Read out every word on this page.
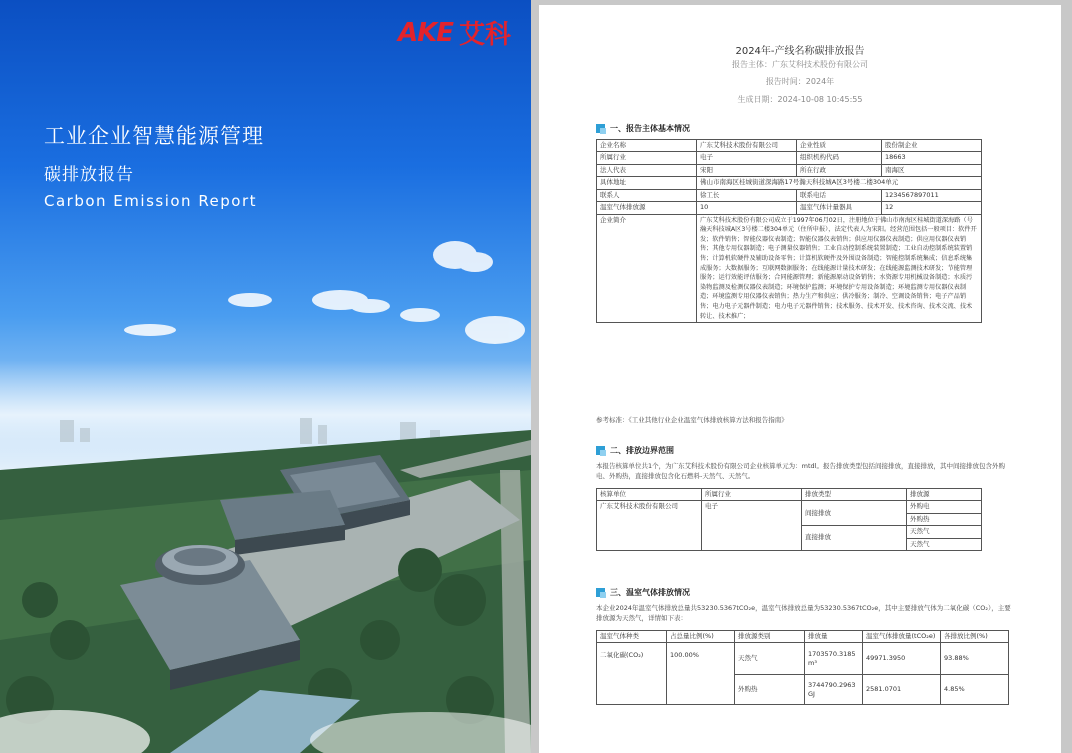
AKE 艾科
工业企业智慧能源管理
碳排放报告
Carbon Emission Report
2024年-产线名称碳排放报告
报告主体：广东艾科技术股份有限公司
报告时间：2024年
生成日期：2024-10-08 10:45:55
一、报告主体基本情况
企业名称	广东艾科技术股份有限公司	企业性质	股份制企业
所属行业	电子	组织机构代码	18663
法人代表	宋阳	所在行政	南海区
具体地址	佛山市南海区桂城街道深海路17号瀚天科技城A区3号楼二楼304单元		
联系人	徐工长	联系电话	1234567897011
温室气体排放源	10	温室气体计量器具	12
企业简介	广东艾科技术股份有限公司成立于1997年06月02日，注册地位于佛山市南海区桂城街道深海路（号瀚天科技城A区3号楼二楼304单元（住所申报），法定代表人为宋阳。经营范围包括一般项目：软件开发；软件销售；智能仪器仪表制造；智能仪器仪表销售；供应用仪器仪表制造；供应用仪器仪表销售；其他专用仪器制造；电子测量仪器销售；工业自动控制系统装置制造；工业自动控制系统装置销售；计算机软硬件及辅助设备零售；计算机软硬件及外围设备制造；智能控制系统集成；信息系统集成服务；大数据服务；互联网数据服务；在线能源计量技术研发；在线能源监测技术研发；节能管理服务；运行效能评估服务；合同能源管理；新能源原动设备销售；水资源专用机械设备制造；水质污染物监测及检测仪器仪表制造；环境保护监测；环境保护专用设备制造；环境监测专用仪器仪表制造；环境监测专用仪器仪表销售；热力生产和供应；供冷服务；制冷、空调设备销售；电子产品销售；电力电子元器件制造；电力电子元器件销售；技术服务、技术开发、技术咨询、技术交流、技术转让、技术推广；		
参考标准：《工业其他行业企业温室气体排放核算方法和报告指南》
二、排放边界范围
本报告核算单位共1个，为广东艾科技术股份有限公司企业核算单元为：mtdl。报告排放类型包括间接排放，直接排放，其中间接排放包含外购电、外购热，直接排放包含化石燃料-天然气、天然气。
核算单位	所属行业	排放类型	排放源
广东艾科技术股份有限公司	电子	间接排放	外购电
			外购热
		直接排放	天然气
			天然气
三、温室气体排放情况
本企业2024年温室气体排放总量共53230.5367tCO₂e，温室气体排放总量为53230.5367tCO₂e，其中主要排放气体为二氧化碳（CO₂），主要排放源为天然气，详情如下表：
温室气体种类	占总量比例(%)	排放源类别	排放量	温室气体排放量(tCO₂e)	各排放比例(%)
二氧化碳(CO₂)	100.00%	天然气	1703570.3185 m³	49971.3950	93.88%
		外购热	3744790.2963 GJ	2581.0701	4.85%
